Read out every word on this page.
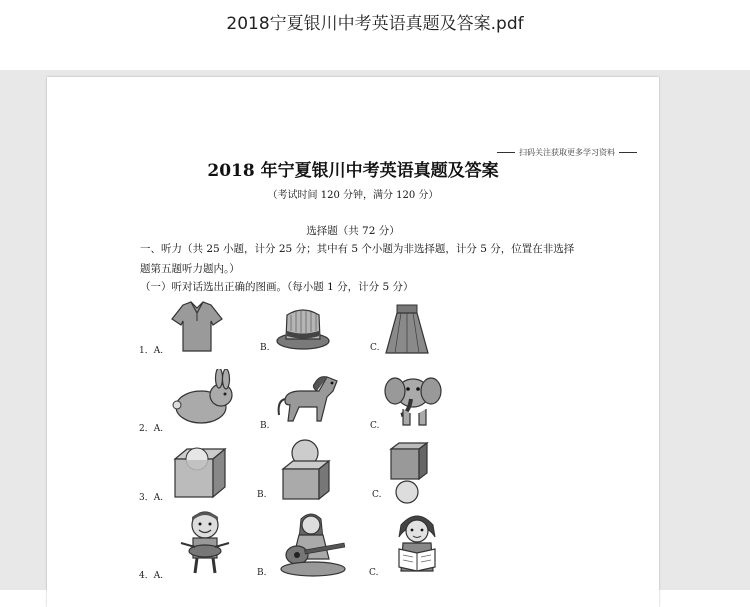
2018宁夏银川中考英语真题及答案.pdf
扫码关注获取更多学习资料
2018 年宁夏银川中考英语真题及答案
（考试时间 120 分钟，满分 120 分）
选择题（共 72 分）
一、听力（共 25 小题，计分 25 分；其中有 5 个小题为非选择题，计分 5 分，位置在非选择题第五题听力题内。）
（一）听对话选出正确的图画。（每小题 1 分，计分 5 分）
1．A.	B.	C.
2．A.	B.	C.
3．A.	B.	C.
4．A.	B.	C.
